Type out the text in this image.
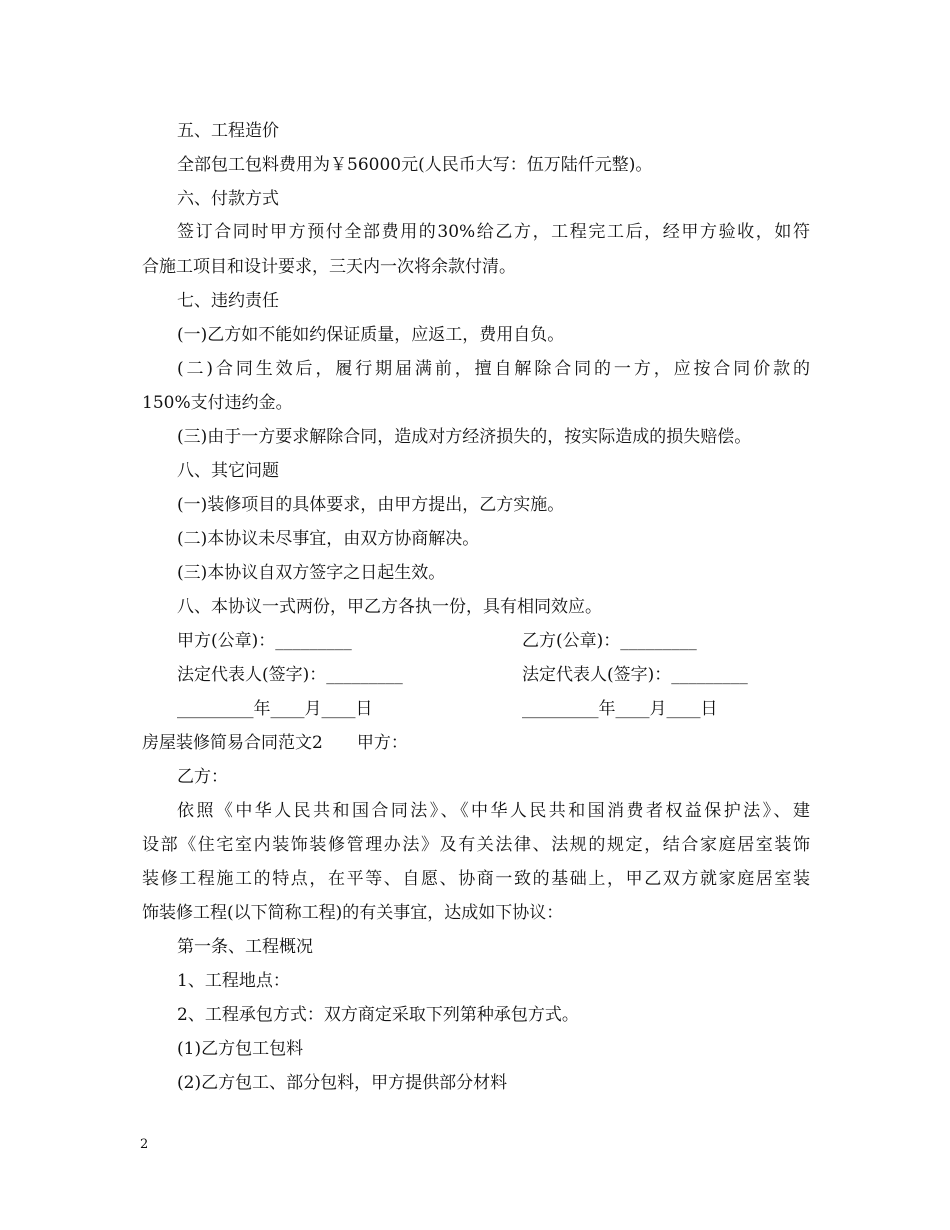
五、工程造价
全部包工包料费用为￥56000元(人民币大写：伍万陆仟元整)。
六、付款方式
签订合同时甲方预付全部费用的30%给乙方，工程完工后，经甲方验收，如符
合施工项目和设计要求，三天内一次将余款付清。
七、违约责任
(一)乙方如不能如约保证质量，应返工，费用自负。
(二)合同生效后，履行期届满前，擅自解除合同的一方，应按合同价款的
150%支付违约金。
(三)由于一方要求解除合同，造成对方经济损失的，按实际造成的损失赔偿。
八、其它问题
(一)装修项目的具体要求，由甲方提出，乙方实施。
(二)本协议未尽事宜，由双方协商解决。
(三)本协议自双方签字之日起生效。
八、本协议一式两份，甲乙方各执一份，具有相同效应。
甲方(公章)：_________	乙方(公章)：_________
法定代表人(签字)：_________	法定代表人(签字)：_________
_________年____月____日	_________年____月____日
房屋装修简易合同范文2　　甲方：
乙方：
依照《中华人民共和国合同法》、《中华人民共和国消费者权益保护法》、建
设部《住宅室内装饰装修管理办法》及有关法律、法规的规定，结合家庭居室装饰
装修工程施工的特点，在平等、自愿、协商一致的基础上，甲乙双方就家庭居室装
饰装修工程(以下简称工程)的有关事宜，达成如下协议：
第一条、工程概况
1、工程地点：
2、工程承包方式：双方商定采取下列第种承包方式。
(1)乙方包工包料
(2)乙方包工、部分包料，甲方提供部分材料
2
